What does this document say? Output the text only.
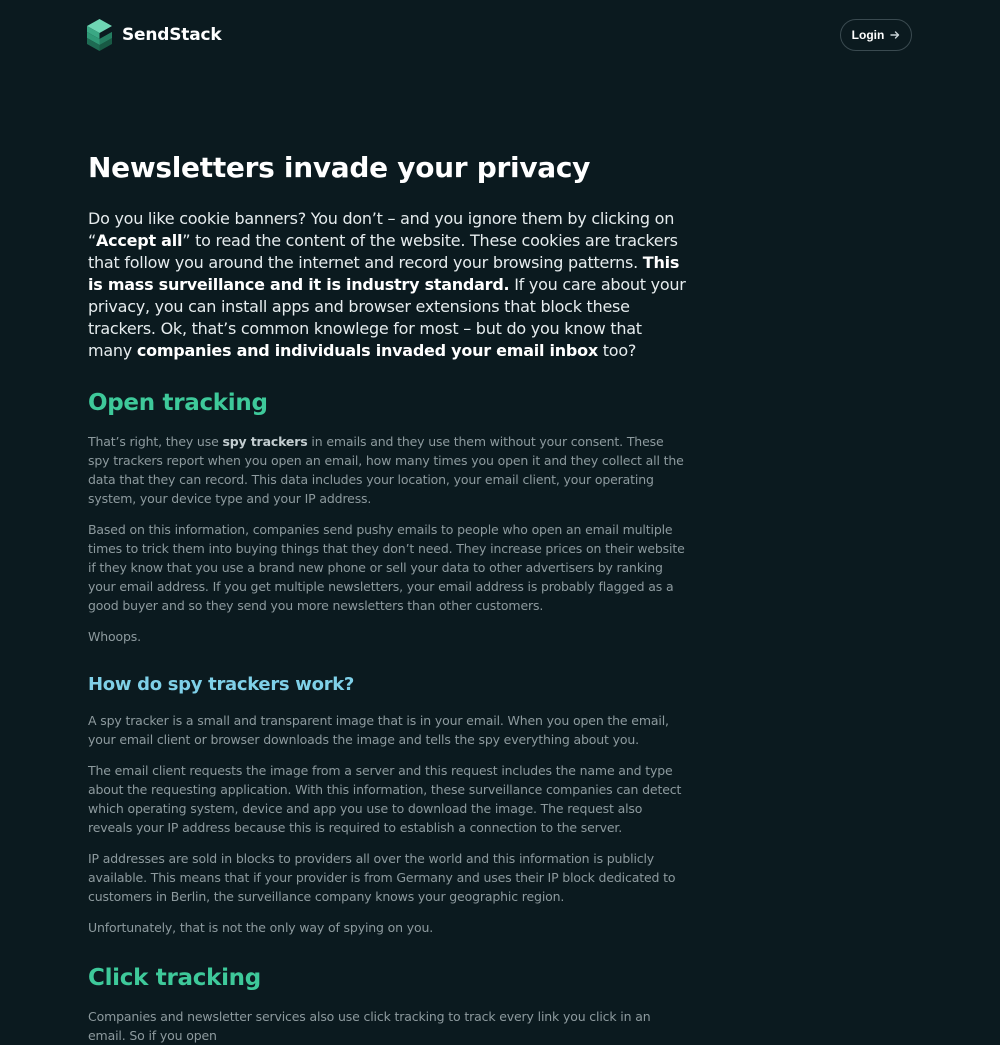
SendStack	Login
Newsletters invade your privacy

Do you like cookie banners? You don’t – and you ignore them by clicking on “Accept all” to read the content of the website. These cookies are trackers that follow you around the internet and record your browsing patterns. This is mass surveillance and it is industry standard. If you care about your privacy, you can install apps and browser extensions that block these trackers. Ok, that’s common knowlege for most – but do you know that many companies and individuals invaded your email inbox too?

Open tracking

That’s right, they use spy trackers in emails and they use them without your consent. These spy trackers report when you open an email, how many times you open it and they collect all the data that they can record. This data includes your location, your email client, your operating system, your device type and your IP address.

Based on this information, companies send pushy emails to people who open an email multiple times to trick them into buying things that they don’t need. They increase prices on their website if they know that you use a brand new phone or sell your data to other advertisers by ranking your email address. If you get multiple newsletters, your email address is probably flagged as a good buyer and so they send you more newsletters than other customers.

Whoops.

How do spy trackers work?

A spy tracker is a small and transparent image that is in your email. When you open the email, your email client or browser downloads the image and tells the spy everything about you.

The email client requests the image from a server and this request includes the name and type about the requesting application. With this information, these surveillance companies can detect which operating system, device and app you use to download the image. The request also reveals your IP address because this is required to establish a connection to the server.

IP addresses are sold in blocks to providers all over the world and this information is publicly available. This means that if your provider is from Germany and uses their IP block dedicated to customers in Berlin, the surveillance company knows your geographic region.

Unfortunately, that is not the only way of spying on you.

Click tracking

Companies and newsletter services also use click tracking to track every link you click in an email. So if you open
